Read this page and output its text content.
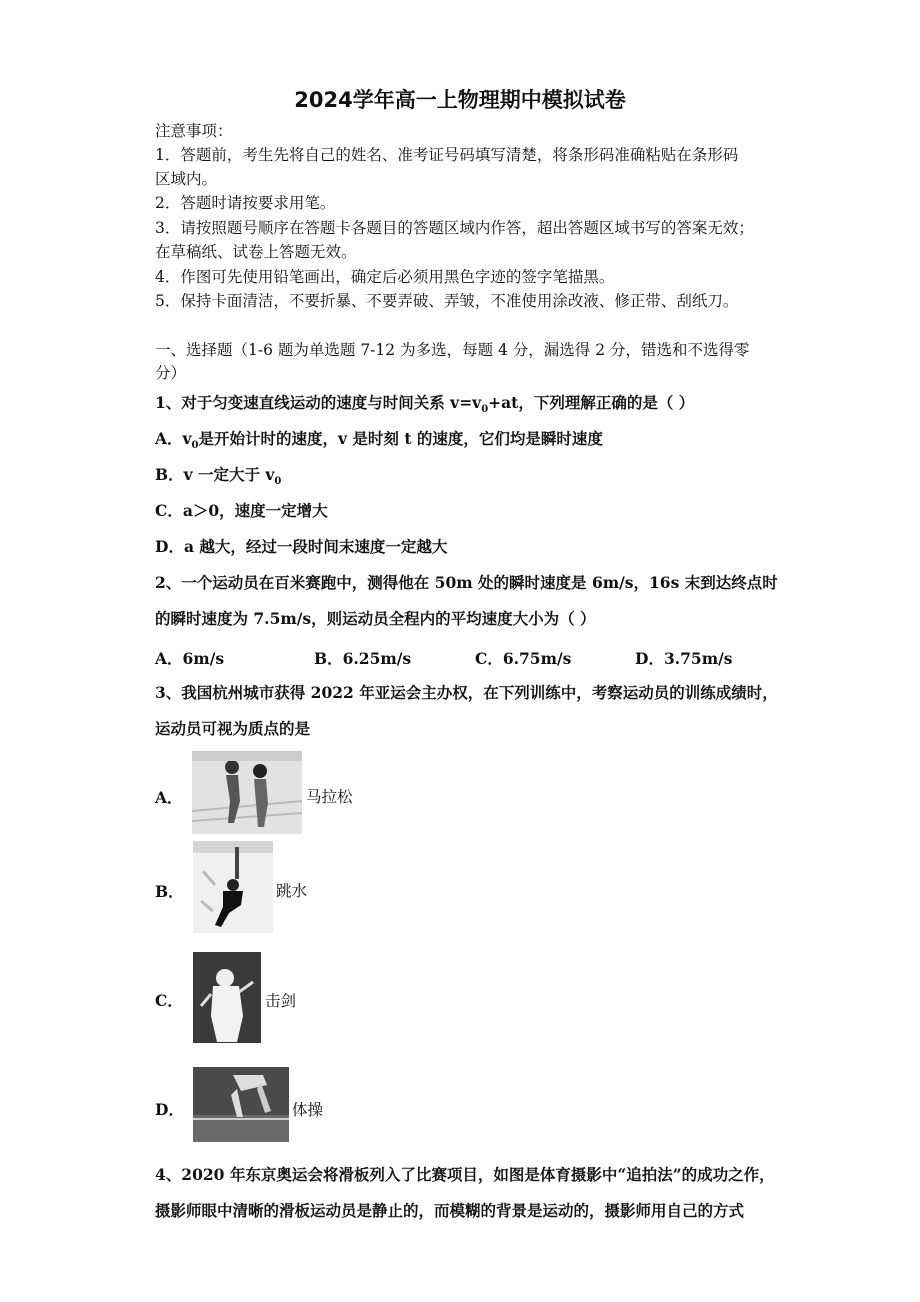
2024学年高一上物理期中模拟试卷
注意事项：
1．答题前，考生先将自己的姓名、准考证号码填写清楚，将条形码准确粘贴在条形码
区域内。
2．答题时请按要求用笔。
3．请按照题号顺序在答题卡各题目的答题区域内作答，超出答题区域书写的答案无效；
在草稿纸、试卷上答题无效。
4．作图可先使用铅笔画出，确定后必须用黑色字迹的签字笔描黑。
5．保持卡面清洁，不要折暴、不要弄破、弄皱，不准使用涂改液、修正带、刮纸刀。
一、选择题（1-6 题为单选题 7-12 为多选，每题 4 分，漏选得 2 分，错选和不选得零
分）
1、对于匀变速直线运动的速度与时间关系 $v=v_0+at$，下列理解正确的是（ ）
A．$v_0$是开始计时的速度，v 是时刻 t 的速度，它们均是瞬时速度
B．v 一定大于 $v_0$
C．a＞0，速度一定增大
D．a 越大，经过一段时间末速度一定越大
2、一个运动员在百米赛跑中，测得他在 50m 处的瞬时速度是 6m/s，16s 末到达终点时
的瞬时速度为 7.5m/s，则运动员全程内的平均速度大小为（ ）
A．6m/s	B．6.25m/s	C．6.75m/s	D．3.75m/s
3、我国杭州城市获得 2022 年亚运会主办权，在下列训练中，考察运动员的训练成绩时，
运动员可视为质点的是
A．	马拉松
B．	跳水
C．	击剑
D．	体操
4、2020 年东京奥运会将滑板列入了比赛项目，如图是体育摄影中“追拍法”的成功之作，
摄影师眼中清晰的滑板运动员是静止的，而模糊的背景是运动的，摄影师用自己的方式
